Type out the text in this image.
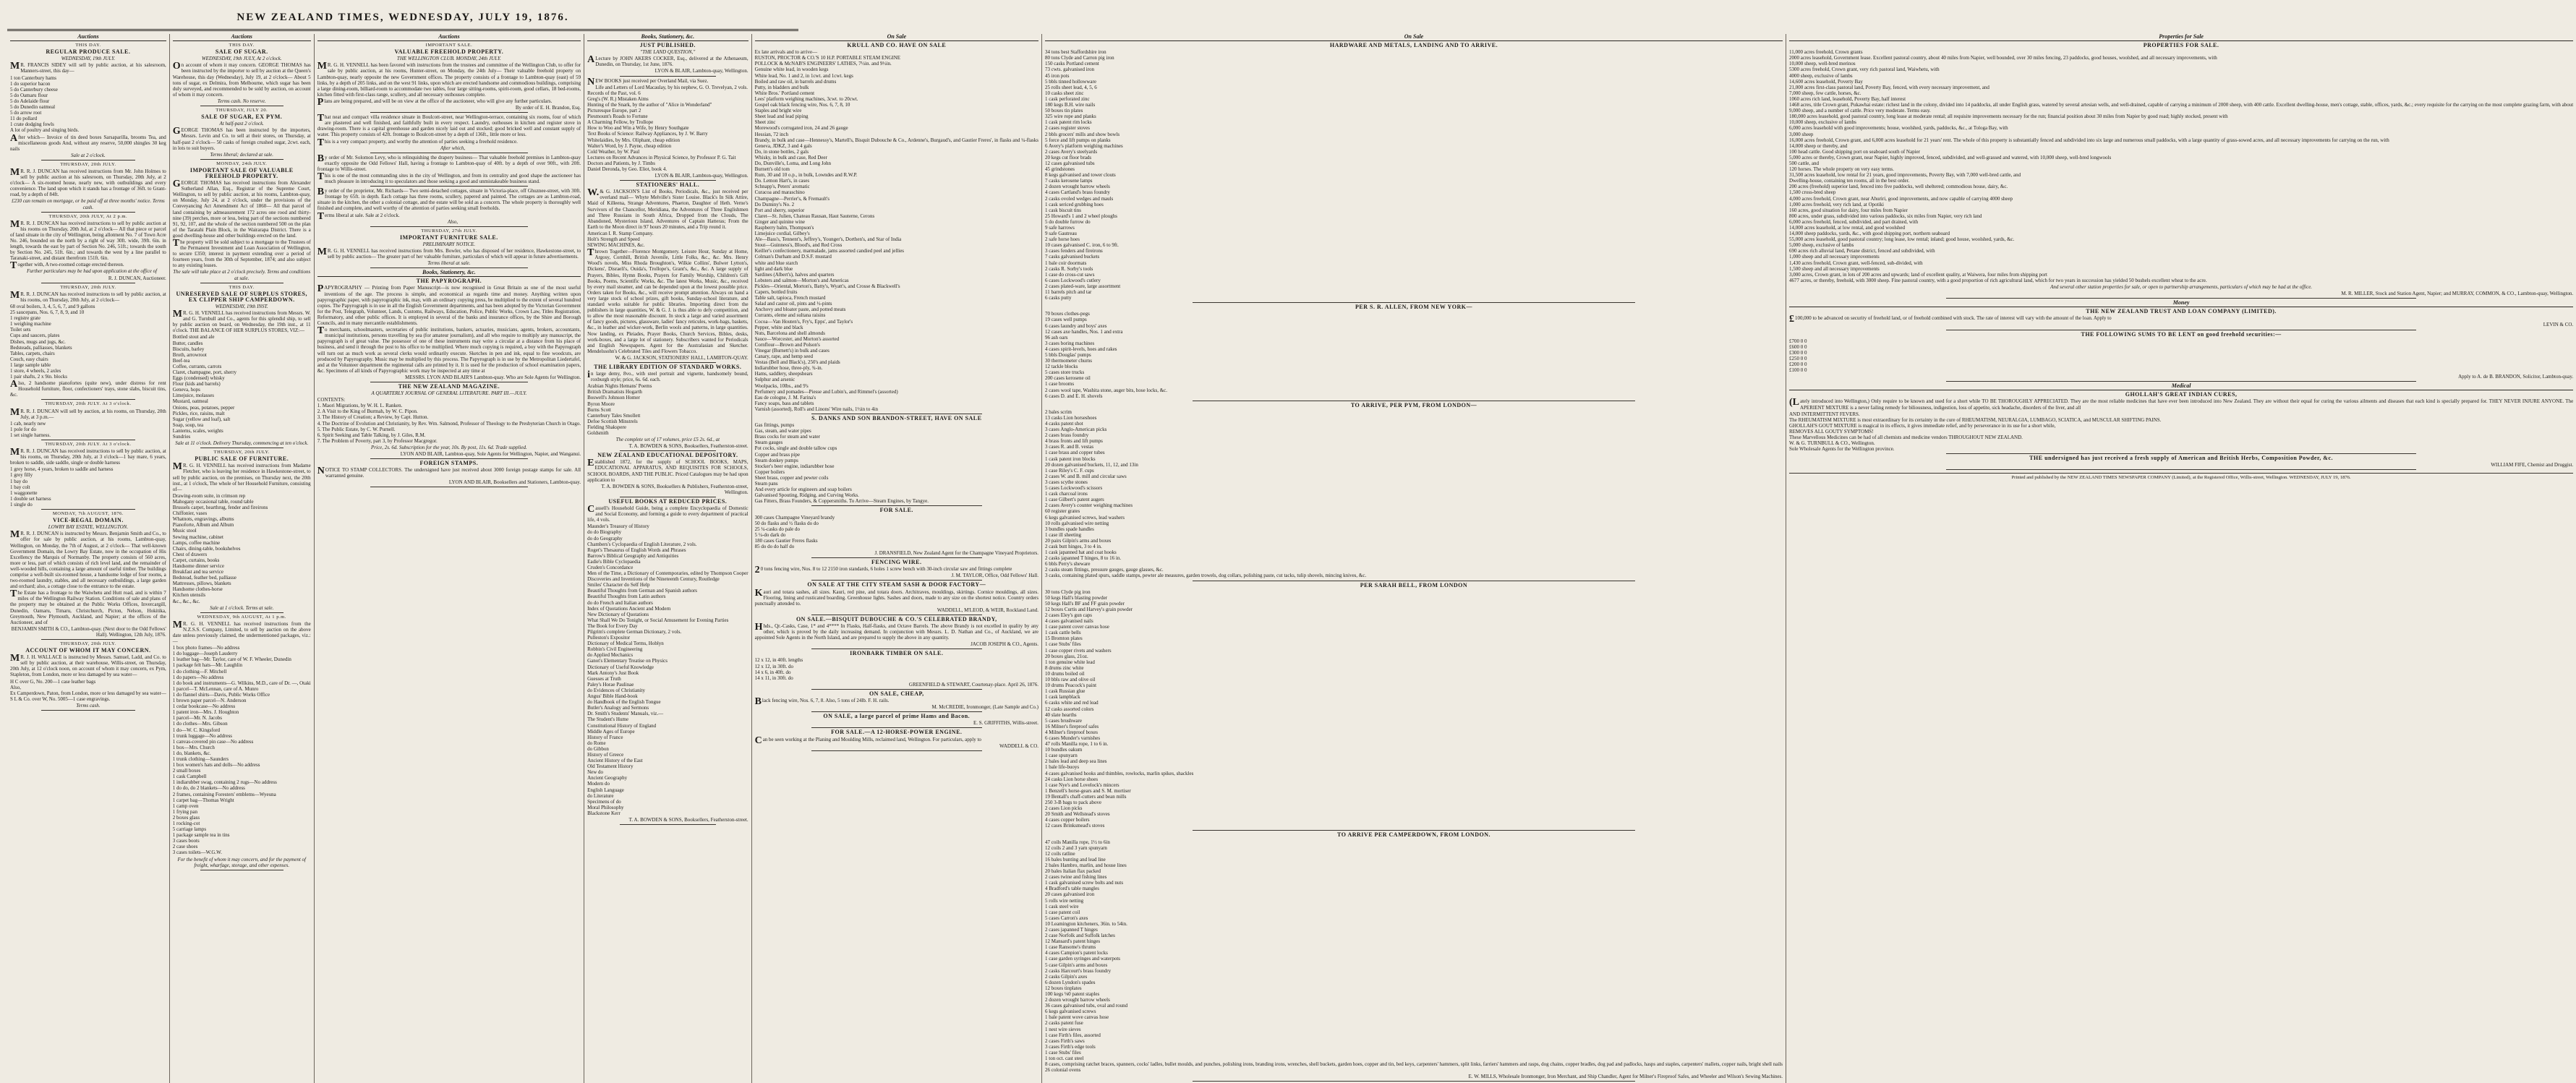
NEW ZEALAND TIMES, WEDNESDAY, JULY 19, 1876.
Auctions
THIS DAY.
REGULAR PRODUCE SALE.
WEDNESDAY, 19th JULY.
MR. FRANCIS SIDEY will sell by public auction, at his salesroom, Manners-street, this day—
1 ton Canterbury hams
1 do superior bacon
5 do Canterbury cheese
5 do Oamaru flour
5 do Adelaide flour
5 do Dunedin oatmeal
5 do arrow root
11 do pollard
1 crate dodging fowls
A lot of poultry and singing birds.
After which— Invoice of tin deed boxes Sarsaparilla, brooms Tea, and miscellaneous goods And, without any reserve, 50,000 shingles 30 keg nails
Sale at 2 o'clock.
THURSDAY, 20th JULY.
MR. R. J. DUNCAN has received instructions from Mr. John Holmes to sell by public auction at his salesroom, on Thursday, 20th July, at 2 o'clock— A six-roomed house, nearly new, with outbuildings and every convenience. The land upon which it stands has a frontage of 36ft. to Grant-road, by a depth of 84ft.
£230 can remain on mortgage, or be paid off at three months' notice. Terms cash.
THURSDAY, 20th JULY, At 2 p.m.
MR. R. J. DUNCAN has received instructions to sell by public auction at his rooms on Thursday, 20th Jul, at 2 o'clock— All that piece or parcel of land situate in the city of Wellington, being allotment No. 7 of Town Acre No. 246, bounded on the north by a right of way 30ft. wide, 39ft. 6in. in length, towards the east by part of Section No. 246, 51ft.; towards the south by Section No. 245, 51ft. 6in.; and towards the west by a line parallel to Taranaki-street, and distant therefrom 151ft. 6in.
Together with, A two-roomed cottage erected thereon.
Further particulars may be had upon application at the office of
R. J. DUNCAN, Auctioneer.
THURSDAY, 20th JULY.
MR. R. J. DUNCAN has received instructions to sell by public auction, at his rooms, on Thursday, 20th July, at 2 o'clock—
68 oval boilers, 3, 4, 5, 6, 7, and 9 gallons
25 saucepans, Nos. 6, 7, 8, 9, and 10
1 registre grate
1 weighing machine
Toilet sets
Cups and saucers, plates
Dishes, mugs and jugs, &c.
Bedsteads, palliasses, blankets
Tables, carpets, chairs
Couch, easy chairs
1 large sample table
1 store, 4 wheels, 2 axles
1 pair shafts, 2 x 9in. blocks
Also, 2 handsome pianofortes (quite new), under distress for rent Household furniture, floor, confectioners' trays, stone slabs, biscuit tins, &c.
THURSDAY, 20th JULY. At 3 o'clock.
MR. R. J. DUNCAN will sell by auction, at his rooms, on Thursday, 20th July, at 3 p.m.—
1 cab, nearly new
1 pole for do
1 set single harness.
THURSDAY, 20th JULY. At 3 o'clock.
MR. R. J. DUNCAN has received instructions to sell by public auction, at his rooms, on Thursday, 20th July, at 3 o'clock—1 bay mare, 6 years, broken to saddle, side saddle, single or double harness
1 grey horse, 4 years, broken to saddle and harness
1 grey filly
1 bay do
1 bay colt
1 waggonette
1 double set harness
1 single do
MONDAY, 7th AUGUST, 1876.
VICE-REGAL DOMAIN.
LOWRY BAY ESTATE, WELLINGTON.
MR. R. J. DUNCAN is instructed by Messrs. Benjamin Smith and Co., to offer for sale by public auction, at his rooms, Lambton-quay, Wellington, on Monday, the 7th of August, at 2 o'clock— That well-known Government Domain, the Lowry Bay Estate, now in the occupation of His Excellency the Marquis of Normanby. The property consists of 560 acres, more or less, part of which consists of rich level land, and the remainder of well-wooded hills, containing a large amount of useful timber. The buildings comprise a well-built six-roomed house, a handsome lodge of four rooms, a two-roomed laundry, stables, and all necessary outbuildings, a large garden and orchard; also, a cottage close to the entrance to the estate.
The Estate has a frontage to the Waiwhetu and Hutt road, and is within 7 miles of the Wellington Railway Station. Conditions of sale and plans of the property may be obtained at the Public Works Offices, Invercargill, Dunedin, Oamaru, Timaru, Christchurch, Picton, Nelson, Hokitika, Greymouth, New Plymouth, Auckland, and Napier; at the offices of the Auctioneer, and of
BENJAMIN SMITH & CO., Lambton-quay. (Next door to the Odd Fellows' Hall). Wellington, 12th July, 1876.
THURSDAY, 20th JULY.
ACCOUNT OF WHOM IT MAY CONCERN.
MR. J. H. WALLACE is instructed by Messrs. Samuel, Ladd, and Co. to sell by public auction, at their warehouse, Willis-street, on Thursday, 20th July, at 12 o'clock noon, on account of whom it may concern, ex Pym, Stapleton, from London, more or less damaged by sea water—
H C over G, No. 200—1 case leather bags
Also,
Ex Camperdown, Paton, from London, more or less damaged by sea water—
S L & Co. over W, No. 5005—1 case engravings.
Terms cash.
Auctions
THIS DAY.
SALE OF SUGAR.
WEDNESDAY, 19th JULY, At 2 o'clock.
On account of whom it may concern. GEORGE THOMAS has been instructed by the importer to sell by auction at the Queen's Warehouse, this day (Wednesday), July 19, at 2 o'clock— About 5 tons of sugar, ex Delmira, from Melbourne, which sugar has been duly surveyed, and recommended to be sold by auction, on account of whom it may concern.
Terms cash. No reserve.
THURSDAY, JULY 20.
SALE OF SUGAR, EX PYM.
At half-past 2 o'clock.
GEORGE THOMAS has been instructed by the importers, Messrs. Levin and Co. to sell at their stores, on Thursday, at half-past 2 o'clock— 50 casks of foreign crushed sugar, 2cwt. each, in lots to suit buyers.
Terms liberal; declared at sale.
MONDAY, 24th JULY.
IMPORTANT SALE OF VALUABLE FREEHOLD PROPERTY.
GEORGE THOMAS has received instructions from Alexander Sutherland Allan, Esq., Registrar of the Supreme Court, Wellington, to sell by public auction, at his rooms, Lambton-quay, on Monday, July 24, at 2 o'clock, under the provisions of the Conveyancing Act Amendment Act of 1860— All that parcel of land containing by admeasurement 172 acres one rood and thirty-nine (39) perches, more or less, being part of the sections numbered 91, 92, 107, and the whole of the section numbered 500 on the plan of the Taratahi Plain Block, in the Wairarapa District. There is a good dwelling-house and other buildings erected on the land.
The property will be sold subject to a mortgage to the Trustees of the Permanent Investment and Loan Association of Wellington, to secure £350; interest in payment extending over a period of fourteen years, from the 30th of September, 1874; and also subject to any existing leases.
The sale will take place at 2 o'clock precisely. Terms and conditions at sale.
THIS DAY.
UNRESERVED SALE OF SURPLUS STORES, EX CLIPPER SHIP CAMPERDOWN.
WEDNESDAY, 19th INST.
MR. G. H. VENNELL has received instructions from Messrs. W. and G. Turnbull and Co., agents for this splendid ship, to sell by public auction on board, on Wednesday, the 19th inst., at 11 o'clock. THE BALANCE OF HER SURPLUS STORES, VIZ:—
Bottled stout and ale
Butter, candles
Biscuits, barley
Broth, arrowroot
Beef-tea
Coffee, currants, carrots
Claret, champagne, port, sherry
Eggs (condensed) whisky
Flour (kids and barrels)
Geneva, hops
Limejuice, molasses
Mustard, oatmeal
Onions, peas, potatoes, pepper
Pickles, rice, raisins, malt
Sugar (yellow and loaf), salt
Soap, soup, tea
Lanterns, scales, weights
Sundries
Sale at 11 o'clock. Delivery Thursday, commencing at ten o'clock.
THURSDAY, 20th JULY.
PUBLIC SALE OF FURNITURE.
MR. G. H. VENNELL has received instructions from Madame Fletcher, who is leaving her residence in Hawkestone-street, to sell by public auction, on the premises, on Thursday next, the 20th inst., at 1 o'clock, The whole of her Household Furniture, consisting of—
Drawing-room suite, in crimson rep
Mahogany occasional table, round table
Brussels carpet, hearthrug, fender and fireirons
Chiffonier, vases
Whatnots, engravings, albums
Pianoforte, Album and Album
Music stool
Sewing machine, cabinet
Lamps, coffee machine
Chairs, dining-table, bookshelves
Chest of drawers
Carpet, curtains, books
Handsome dinner service
Breakfast and tea service
Bedstead, feather bed, palliasse
Mattresses, pillows, blankets
Handsome clothes-horse
Kitchen utensils
&c., &c., &c.
Sale at 1 o'clock. Terms at sale.
WEDNESDAY, 9th AUGUST, At 1 p.m.
MR. G. H. VENNELL has received instructions from the N.Z.S.S. Company, Limited, to sell by auction on the above date unless previously claimed, the undermentioned packages, viz.:—
1 box photo frames—No address
1 do luggage—Joseph Lauderry
1 leather bag—Mr. Taylor, care of W. F. Wheeler, Dunedin
1 package felt hats—Mr. Laughlin
1 do clothing—F. Mitchell
1 do papers—No address
1 do book and instruments—G. Wilkins, M.D., care of Dr. —, Otaki
1 parcel—T. McLennan, care of A. Munro
1 do flannel shirts—Davis, Public Works Office
1 brown paper parcel—N. Anderson
1 cedar bookcase—No address
1 patent iron—Mrs. J. Houghton
1 parcel—Mr. N. Jacobs
1 do clothes—Mrs. Gibson
1 do—W. C. Kingsford
1 trunk luggage—No address
1 canvas-covered pin case—No address
1 box—Mrs. Church
1 do, blankets, &c.
1 trunk clothing—Saunders
1 box women's hats and dolls—No address
2 small boxes
1 cask Campbell
1 indiarubber swag, containing 2 rugs—No address
1 do do, do 2 blankets—No address
2 frames, containing Foresters' emblems—Wyeuna
1 carpet bag—Thomas Wright
1 camp oven
1 frying pan
2 boxes glass
1 rocking-cot
5 carriage lamps
1 package sample tea in tins
3 cases boots
2 case shoes
3 cases toilets—W.G.W.
For the benefit of whom it may concern, and for the payment of freight, wharfage, storage, and other expenses.
Auctions
IMPORTANT SALE.
VALUABLE FREEHOLD PROPERTY.
THE WELLINGTON CLUB. MONDAY, 24th JULY.
MR. G. H. VENNELL has been favored with instructions from the trustees and committee of the Wellington Club, to offer for sale by public auction, at his rooms, Hunter-street, on Monday, the 24th July— Their valuable freehold property on Lambton-quay, nearly opposite the new Government offices. The property consists of a frontage to Lambton-quay (east) of 59 links, by a depth of 205 links, and on the west 91 links, upon which are erected handsome and commodious buildings, comprising a large dining-room, billiard-room to accommodate two tables, four large sitting-rooms, spirit-room, good cellars, 18 bed-rooms, kitchen fitted with first-class range, scullery, and all necessary outhouses complete.
Plans are being prepared, and will be on view at the office of the auctioneer, who will give any further particulars.
By order of E. H. Brandon, Esq.
That neat and compact villa residence situate in Boulcott-street, near Wellington-terrace, containing six rooms, four of which are plastered and well finished, and faithfully built in every respect. Laundry, outhouses in kitchen and register stove in drawing-room. There is a capital greenhouse and garden nicely laid out and stocked; good bricked well and constant supply of water. This property consists of 42ft. frontage to Boulcott-street by a depth of 136ft., little more or less.
This is a very compact property, and worthy the attention of parties seeking a freehold residence.
After which,
By order of Mr. Solomon Levy, who is relinquishing the drapery business— That valuable freehold premises in Lambton-quay exactly opposite the Odd Fellows' Hall, having a frontage to Lambton-quay of 40ft. by a depth of over 90ft., with 20ft. frontage to Willis-street.
This is one of the most commanding sites in the city of Wellington, and from its centrality and good shape the auctioneer has much pleasure in introducing it to speculators and those seeking a good and unmistakeable business stand.
By order of the proprietor, Mr. Richards— Two semi-detached cottages, situate in Victoria-place, off Ghuznee-street, with 30ft. frontage by 65ft. in depth. Each cottage has three rooms, scullery, papered and painted. The cottages are as Lambton-road, situate in the kitchen, the other a colonial cottage, and the estate will be sold as a concern. The whole property is thoroughly well finished and complete, and well worthy of the attention of parties seeking small freeholds.
Terms liberal at sale. Sale at 2 o'clock.
Also,
THURSDAY, 27th JULY.
IMPORTANT FURNITURE SALE.
PRELIMINARY NOTICE.
MR. G. H. VENNELL has received instructions from Mrs. Bowler, who has disposed of her residence, Hawkestone-street, to sell by public auction— The greater part of her valuable furniture, particulars of which will appear in future advertisements.
Terms liberal at sale.
Books, Stationery, &c.
THE PAPYROGRAPH.
PAPYROGRAPHY — Printing from Paper Manuscript—is now recognised in Great Britain as one of the most useful inventions of the age. The process is simple, and economical as regards time and money. Anything written upon papyrographic paper, with papyrographic ink, may, with an ordinary copying press, be multiplied to the extent of several hundred copies. The Papyrograph is in use in all the English Government departments, and has been adopted by the Victorian Government for the Post, Telegraph, Volunteer, Lands, Customs, Railways, Education, Police, Public Works, Crown Law, Titles Registration, Reformatory, and other public offices. It is employed in several of the banks and insurance offices, by the Shire and Borough Councils, and in many mercantile establishments.
To merchants, schoolmasters, secretaries of public institutions, bankers, actuaries, musicians, agents, brokers, accountants, municipal institutions, persons travelling by sea (for amateur journalism), and all who require to multiply any manuscript, the papyrograph is of great value. The possessor of one of these instruments may write a circular at a distance from his place of business, and send it through the post to his office to be multiplied. Where much copying is required, a boy with the Papyrograph will turn out as much work as several clerks would ordinarily execute. Sketches in pen and ink, equal to fine woodcuts, are produced by Papyrography. Music may be multiplied by this process. The Papyrograph is in use by the Metropolitan Liedertafel, and at the Volunteer department the regimental calls are printed by it. It is used for the production of school examination papers, &c. Specimens of all kinds of Papyrographic work may be inspected at any time at
MESSRS. LYON AND BLAIR'S Lambton-quay. Who are Sole Agents for Wellington.
THE NEW ZEALAND MAGAZINE.
A QUARTERLY JOURNAL OF GENERAL LITERATURE. PART III.—JULY.
CONTENTS:
1. Maori Migrations, by W. H. L. Ranken.
2. A Visit to the King of Burmah, by W. C. Pipon.
3. The History of Creation; a Review, by Capt. Hutton.
4. The Doctrine of Evolution and Christianity, by Rev. Wm. Salmond, Professor of Theology to the Presbyterian Church in Otago.
5. The Public Estate, by C. W. Purnell.
6. Spirit Seeking and Table Talking, by J. Giles, R.M.
7. The Problem of Poverty, part 3, by Professor Macgregor.
Price, 2s. 6d. Subscription for the year, 10s. By post, 11s. 6d. Trade supplied.
LYON AND BLAIR, Lambton-quay, Sole Agents for Wellington, Napier, and Wanganui.
FOREIGN STAMPS.
NOTICE TO STAMP COLLECTORS. The undersigned have just received about 3000 foreign postage stamps for sale. All warranted genuine.
LYON AND BLAIR, Booksellers and Stationers, Lambton-quay.
Books, Stationery, &c.
JUST PUBLISHED.
"THE LAND QUESTION,"
ALecture by JOHN AKERS COCKER, Esq., delivered at the Athenaeum, Dunedin, on Thursday, 1st June, 1876.
LYON & BLAIR, Lambton-quay, Wellington.
NEW BOOKS just received per Overland Mail, via Suez.
Life and Letters of Lord Macaulay, by his nephew, G. O. Trevelyan, 2 vols.
Records of the Past, vol. 6
Greg's (W. R.) Mistaken Aims
Hunting of the Snark, by the author of "Alice in Wonderland"
Picturesque Europe, part 2
Piesmount's Roads to Fortune
A Charming Fellow, by Trollope
How to Woo and Win a Wife, by Henry Southgate
Text Books of Science: Railway Appliances, by J. W. Barry
Whitelaidies, by Mrs. Oliphant, cheap edition
Walter's Word, by J. Payne, cheap edition
Cold Weather, by W. Paul
Lectures on Recent Advances in Physical Science, by Professor P. G. Tait
Doctors and Patients, by J. Timbs
Daniel Deronda, by Geo. Eliot, book 4.
LYON & BLAIR, Lambton-quay, Wellington.
STATIONERS' HALL.
W.& G. JACKSON'S List of Books, Periodicals, &c., just received per overland mail— Whyte Melville's Sister Louise. Black's In Silk Attire, Maid of Killeena, Strange Adventures, Phaeton, Daughter of Heth. Verne's Survivors of the Chancellor, Meridiana, the Adventures of Three Englishmen and Three Russians in South Africa, Dropped from the Clouds, The Abandoned, Mysterious Island, Adventures of Captain Hatteras; From the Earth to the Moon direct in 97 hours 20 minutes, and a Trip round it.
American I. R. Stamp Company.
Holt's Strength and Speed
SEWING MACHINES, &c.
Thrown Together—Florence Montgomery. Leisure Hour, Sunday at Home, Argosy, Cornhill, British Juvenile, Little Folks, &c., &c. Mrs. Henry Wood's novels, Miss Rhoda Broughton's, Wilkie Collins', Bulwer Lytton's, Dickens', Disraeli's, Ouida's, Trollope's, Grant's, &c., &c. A large supply of Prayers, Bibles, Hymn Books, Prayers for Family Worship, Children's Gift Books, Poems, Scientific Works, &c. The latest Works, Music, &c., received by every mail steamer, and can be depended upon at the lowest possible price. Orders taken for Books, &c., will receive prompt attention. Always on hand a very large stock of school prizes, gift books, Sunday-school literature, and standard works suitable for public libraries. Importing direct from the publishers in large quantities, W. & G. J. is thus able to defy competition, and to allow the most reasonable discount. In stock a large and varied assortment of fancy goods, pictures, glassware, ladies' fancy reticules, work-bags, baskets, &c., in leather and wicker-work, Berlin wools and patterns, in large quantities. Now landing, ex Pleiades, Prayer Books, Church Services, Bibles, desks, work-boxes, and a large lot of stationery. Subscribers wanted for Periodicals and English Newspapers. Agent for the Australasian and Sketcher. Mendelssohn's Celebrated Tiles and Flowers Tobacco.
W. & G. JACKSON, STATIONERS' HALL, LAMBTON-QUAY.
THE LIBRARY EDITION OF STANDARD WORKS.
in large demy, 8vo., with steel portrait and vignette, handsomely bound, roxburgh style; price, 6s. 6d. each.
Arabian Nights Hemans' Poems
British Dramatists Hogarth
Boswell's Johnson Homer
Byron Moore
Burns Scott
Canterbury Tales Smollett
Defoe Scottish Minstrels
Fielding Shakspere
Goldsmith
The complete set of 17 volumes, price £5 2s. 6d., at
T. A. BOWDEN & SONS, Booksellers, Featherston-street.
NEW ZEALAND EDUCATIONAL DEPOSITORY.
Established 1872, for the supply of SCHOOL BOOKS, MAPS, EDUCATIONAL APPARATUS, AND REQUISITES FOR SCHOOLS, SCHOOL BOARDS, AND THE PUBLIC. Priced Catalogues may be had upon application to
T. A. BOWDEN & SONS, Booksellers & Publishers, Featherston-street, Wellington.
USEFUL BOOKS AT REDUCED PRICES.
Cassell's Household Guide, being a complete Encyclopaedia of Domestic and Social Economy, and forming a guide to every department of practical life, 4 vols.
Maunder's Treasury of History
do do Biography
do do Geography
Chambers's Cyclopaedia of English Literature, 2 vols.
Roget's Thesaurus of English Words and Phrases
Barrow's Biblical Geography and Antiquities
Eadie's Bible Cyclopaedia
Cruden's Concordance
Men of the Time, a Dictionary of Contemporaries, edited by Thompson Cooper
Discoveries and Inventions of the Nineteenth Century, Routledge
Smiles' Character do Self Help
Beautiful Thoughts from German and Spanish authors
Beautiful Thoughts from Latin authors
do do French and Italian authors
Index of Quotations Ancient and Modern
New Dictionary of Quotations
What Shall We Do Tonight, or Social Amusement for Evening Parties
The Book for Every Day
Pilgrim's complete German Dictionary, 2 vols.
Pulleston's Expositor
Dictionary of Medical Terms, Hoblyn
Robbin's Civil Engineering
do Applied Mechanics
Ganot's Elementary Treatise on Physics
Dictionary of Useful Knowledge
Mark Antony's Just Book
Guesses at Truth
Paley's Horae Paulinae
do Evidences of Christianity
Angus' Bible Hand-book
do Handbook of the English Tongue
Butler's Analogy and Sermons
Dr. Smith's Students' Manuals, viz.—
The Student's Hume
Constitutional History of England
Middle Ages of Europe
History of France
do Rome
do Gibbon
History of Greece
Ancient History of the East
Old Testament History
New do
Ancient Geography
Modern do
English Language
do Literature
Specimens of do
Moral Philosophy
Blackstone Kerr
T. A. BOWDEN & SONS, Booksellers, Featherston-street.
On Sale
KRULL AND CO. HAVE ON SALE
Ex late arrivals and to arrive—
RUSTON, PROCTOR & CO.'S 10 H.P. PORTABLE STEAM ENGINE
POLLOCK & McNAB'S ENGINEERS' LATHES, 7½in. and 9½in.
Genuine white lead, in wooden kegs
White lead, No. 1 and 2, in 1cwt. and 1cwt. kegs
Boiled and raw oil, in barrels and drums
Putty, in bladders and bulk
White Bros.' Portland cement
Lees' platform weighing machines, 3cwt. to 20cwt.
Gospel oak black fencing wire, Nos. 6, 7, 8, 10
Staples and bright wire
Sheet lead and lead piping
Sheet zinc
Morewood's corrugated iron, 24 and 26 gauge
Hessian, 72 inch
Brandy, in bulk and case—Hennessy's, Martell's, Bisquit Dubouche & Co., Ardenne's, Burgaud's, and Gautier Freres', in flasks and ¼-flasks
Geneva, JDKZ, 3 and 4 gals
Do, in stone bottles, 2 gals
Whisky, in bulk and case, Red Deer
Do, Dunville's, Loma, and Long John
Burnett's old tom
Rum, 30 and 10 o.p., in bulk, Lowndes and R.W.P.
Do. Lemon Hart's, in cases
Schnapp's, Peters' aromatic
Curacoa and maraschino
Champagne—Perrier's, & Fremault's
Do Duminy's No. 2
Port and sherry, superior
Claret—St. Julien, Chateau Rausan, Haut Sauterne, Cerons
Ginger and quinine wine
Raspberry balm, Thompson's
Limejuice cordial, Gilbey's
Ale—Bass's, Tennent's, Jeffrey's, Younger's, Dorthen's, and Star of India
Stout—Guinness's, Blood's, and Red Cross
Keiller's confectionery, marmalade, jams assorted candied peel and jellies
Colman's Durham and D.S.F. mustard
white and blue starch
light and dark blue
Sardines (Albert's), halves and quarters
Lobsters and salmon—Morton's and Americas
Pickles—Oriental, Morton's, Batty's, Wyatt's, and Crosse & Blackwell's
Capers, bottled fruits
Table salt, tapioca, French mustard
Salad and castor oil, pints and ½-pints
Anchovy and bloater paste, and potted meats
Currants, eleme and sultana raisins
Cocoa—Van Houten's, Fry's, Epps', and Taylor's
Pepper, white and black
Nuts, Barcelona and shell almonds
Sauce—Worcester, and Morton's assorted
Cornflour—Brown and Polson's
Vinegar (Burnett's) in bulk and cases
Canary, rape, and hemp seed
Vestas (Bell and Black's), 250's and plaids
Indiarubber hose, three-ply, ¾-in.
Hams, saddlery, sheepshears
Sulphur and arsenic
Woolpacks, 10lbs., and 9's
Perfumery and pomades—Piesse and Lubin's, and Rimmel's (assorted)
Eau de cologne, J. M. Farina's
Fancy soaps, bass and tablets
Varnish (assorted), Roll's and Linons' Wire nails, 1½in to 4in
S. DANKS AND SON BRANDON-STREET, HAVE ON SALE
Gas fittings, pumps
Gas, steam, and water pipes
Brass cocks for steam and water
Steam gauges
Pot cocks, single and double tallow cups
Copper and brass pipe
Steam donkey pumps
Stocker's beer engine, indiarubber hose
Copper boilers
Sheet brass, copper and pewter coils
Steam pans
And every article for engineers and soap boilers
Galvanised Spouting, Ridging, and Curving Works.
Gas Fitters, Brass Founders, & Coppersmiths. To Arrive—Steam Engines, by Tangye.
FOR SALE.
300 cases Champagne Vineyard brandy
50 do flasks and ½ flasks do do
25 ¼-casks do pale do
5 ¼-do dark do
180 cases Gautier Freres flasks
85 do do do half do
J. DRANSFIELD, New Zealand Agent for the Champagne Vineyard Proprietors.
FENCING WIRE.
20 tons fencing wire, Nos. 8 to 12 2150 iron standards, 6 holes 1 screw bench with 30-inch circular saw and fittings complete
J. M. TAYLOR, Office, Odd Fellows' Hall.
ON SALE AT THE CITY STEAM SASH & DOOR FACTORY—
Kauri and totara sashes, all sizes. Kauri, red pine, and totara doors. Architraves, mouldings, skirtings. Cornice mouldings, all sizes. Flooring, lining and rusticated boarding. Greenhouse lights. Sashes and doors, made to any size on the shortest notice. Country orders punctually attended to.
WADDELL, M'LEOD, & WEIR, Rockland Land.
ON SALE.—BISQUIT DUBOUCHE & CO.'S CELEBRATED BRANDY,
Hhds., Qr.-Casks, Case, 1* and 4**** In Flasks, Half-flasks, and Octave Barrels. The above Brandy is not excelled in quality by any other, which is proved by the daily increasing demand. In conjunction with Messrs. L. D. Nathan and Co., of Auckland, we are appointed Sole Agents in the North Island, and are prepared to supply the above in any quantity.
JACOB JOSEPH & CO., Agents.
IRONBARK TIMBER ON SALE.
12 x 12, in 40ft. lengths
12 x 12, in 30ft. do
14 x 6, in 40ft. do
14 x 11, in 30ft. do
GREENFIELD & STEWART, Courtenay-place. April 26, 1876.
ON SALE, CHEAP,
Black fencing wire, Nos. 6, 7, 8. Also, 5 tons of 24lb. F. H. rails.
M. McCREDIE, Ironmonger, (Late Sample and Co.)
ON SALE, a large parcel of prime Hams and Bacon.
E. S. GRIFFITHS, Willis-street.
FOR SALE.—A 12-HORSE-POWER ENGINE.
Can be seen working at the Planing and Moulding Mills, reclaimed land, Wellington. For particulars, apply to
WADDELL & CO.
On Sale
HARDWARE AND METALS, LANDING AND TO ARRIVE.
34 tons best Staffordshire iron
80 tons Clyde and Carron pig iron
150 casks Portland cement
73 cwts. galvanised iron
45 iron pots
5 bbls tinned hollowware
25 rolls sheet lead, 4, 5, 6
10 casks sheet zinc
1 cask perforated zinc
180 kegs B.H. wire nails
50 boxes tin plates
325 wire rope and planks
1 cask patent rim locks
2 cases register stoves
2 bbls grocers' mills and show bowls
5 force and lift pumps on planks
6 Avery's platform weighing machines
2 cases Avery's steelyards
20 kegs cut floor brads
12 cases galvanised tubs
45 grindstones
8 kegs galvanised and tower clouts
7 casks kerosene lamps
2 dozen wrought barrow wheels
4 cases Cartland's brass foundry
2 casks ovoled wedges and mauls
1 cask sericed grubbing hoes
1 cask biscuit tins
25 Howard's 1 and 2 wheel ploughs
5 do double furrow do
9 safe harrows
9 safe Gautreau
2 safe horse hoes
10 cases galvanised C. iron, 6 to 9ft.
3 cases fenders and fireirons
7 casks galvanised buckets
1 bale coir doormats
2 casks R. Sorby's tools
1 case do cross-cut saws
6 cases Lockwood's cutlery
2 cases plated-ware, large assortment
11 barrels pitch and tar
6 casks putty
PER S. R. ALLEN, FROM NEW YORK—
70 boxes clothes-pegs
19 cases well pumps
6 cases laundry and boys' axes
12 cases axe handles, Nos. 1 and extra
96 ash oars
3 cases boring machines
4 cases spirit-levels, hoes and rakes
5 bbls Douglas' pumps
30 thermometer churns
12 tackle blocks
5 cases store trucks
200 cases kerosene oil
1 case brooms
2 cases wool tape, Washita stone, auger bits, hose locks, &c.
6 cases D. and E. H. shovels
TO ARRIVE, PER PYM, FROM LONDON—
2 bales scrim
13 casks Lion horseshoes
4 casks patent shot
3 cases Anglo-American picks
2 cases brass foundry
4 brass fronts and lift pumps
3 cases R. and B. vestas
1 case brass and copper tubes
1 cask patent iron blocks
20 dozen galvanised buckets, 11, 12, and 13in
1 case Riley's C. F. cups
2 cases W. and B. mill and circular saws
3 cases scythe stones
5 cases Lockwood's scissors
1 cask charcoal irons
1 case Gilbert's patent augers
2 cases Avery's counter weighing machines
60 register grates
6 kegs galvanised screws, lead washers
10 rolls galvanised wire netting
3 bundles spade handles
1 case ill sheeting
20 pairs Gilpin's arms and boxes
2 cask butt hinges, 3 to 4 in.
1 cask japanned hat and coat hooks
2 casks japanned T hinges, 8 to 16 in.
6 bbls Perry's sheware
2 casks steam fittings, pressure gauges, gauge glasses, &c.
3 casks, containing plated spurs, saddle stamps, pewter ale measures, garden trowels, dog collars, polishing paste, cut tacks, tulip shovels, mincing knives, &c.
PER SARAH BELL, FROM LONDON
30 tons Clyde pig iron
50 kegs Hall's blasting powder
50 kegs Hall's BF and FF grain powder
12 boxes Curtis and Harvey's grain powder
2 cases Eley's gun caps
4 cases galvanised nails
1 case patent cover canvas hose
1 cask cattle bells
15 Bromton plates
1 case Stubs' files
1 case copper rivets and washers
20 boxes glass, 21oz.
1 ton genuine white lead
8 drums zinc white
10 drums boiled oil
10 bbls raw and olive oil
10 drums Peacock's paint
1 cask Russian glue
1 cask lampblack
6 casks white and red lead
12 casks assorted colors
40 slate hearths
5 cases brushware
16 Milner's fireproof safes
4 Milner's fireproof boxes
6 cases Munder's varnishes
47 rolls Manilla rope, 1 to 6 in.
10 bundles oakum
1 case spunyarn
2 bales lead and deep sea lines
1 bale life-buoys
4 cases galvanised hooks and thimbles, rowlocks, marlin spikes, shackles
24 casks Lion horse shoes
1 case Nye's and Lovelock's mincers
1 Benzell's horse-gears and S. M. mortiser
19 Bentall's chaff-cutters and bean mills
250 3-B bags to pack above
2 cases Lion picks
20 Smith and Wellstead's stoves
4 cases copper boilers
12 cases Brinksmead's stoves
TO ARRIVE PER CAMPERDOWN, FROM LONDON.
47 coils Manilla rope, 1½ to 6in
12 coils 2 and 3 yarn spunyarn
12 coils ratline
16 bales bunting and lead line
2 bales Hambro, marlin, and house lines
20 bales Italian flax packed
2 cases twine and fishing lines
1 cask galvanised screw bolts and nuts
4 Bradford's table mangles
20 cases galvanised iron
5 rolls wire netting
1 cask steel wire
1 case patent coil
5 cases Carron's axes
10 Leamington kitcheners, 36in. to 54in.
2 cases japanned T hinges
2 case Norfolk and Suffolk latches
12 Mansard's patent hinges
1 case Ransome's thrums
4 cases Campion's patent locks
1 case garden syringes and waterpots
5 case Gilpin's arms and boxes
2 casks Harcourt's brass foundry
2 casks Gilpin's axes
6 dozen Lyndon's spades
12 boxes tinplates
100 kegs ⅛0 patent staples
2 dozen wrought barrow wheels
36 cases galvanised tubs, oval and round
6 kegs galvanised screws
1 bale patent wove canvas hose
2 casks patent fuse
1 nest wire sieves
1 case Firth's files, assorted
2 cases Firth's saws
3 cases Firth's edge tools
1 case Stubs' files
1 ton oct. cast steel
8 cases, comprising ratchet braces, spanners, cocks' ladles, bullet moulds, and punches, polishing irons, branding irons, wrenches, shell buckets, garden hoes, copper and tin, bed keys, carpenters' hammers, split links, farriers' hammers and rasps, dog chains, copper bradles, dog pad and padlocks, hasps and staples, carpenters' mallets, copper nails, bright shell nails
26 colonial ovens
E. W. MILLS, Wholesale Ironmonger, Iron Merchant, and Ship Chandler, Agent for Milner's Fireproof Safes, and Wheeler and Wilson's Sewing Machines.
Properties for Sale
PROPERTIES FOR SALE.
11,000 acres freehold, Crown grants
2000 acres leasehold, Government lease. Excellent pastoral country, about 40 miles from Napier, well bounded, over 30 miles fencing, 23 paddocks, good houses, woolshed, and all necessary improvements, with
10,000 sheep, well-bred merinos
5300 acres freehold, Crown grant, very rich pastoral land, Waiwhetu, with
4000 sheep, exclusive of lambs
14,600 acres leasehold, Poverty Bay
21,000 acres first-class pastoral land, Poverty Bay, fenced, with every necessary improvement, and
7,000 sheep, few cattle, horses, &c.
1060 acres rich land, leasehold, Poverty Bay, half interest
1468 acres, title Crown grant, Pukawhai estate: richest land in the colony, divided into 14 paddocks, all under English grass, watered by several artesian wells, and well-drained, capable of carrying a minimum of 2000 sheep, with 400 cattle. Excellent dwelling-house, men's cottage, stable, offices, yards, &c.; every requisite for the carrying on the most complete grazing farm, with about
9,000 sheep, and a number of cattle. Price very moderate. Terms easy.
180,000 acres leasehold, good pastoral country, long lease at moderate rental; all requisite improvements necessary for the run; financial position about 30 miles from Napier by good road; highly stocked, present with
10,000 sheep, exclusive of lambs
6,000 acres leasehold with good improvements; house, woolshed, yards, paddocks, &c., at Tologa Bay, with
3,000 sheep
16,000 acres freehold, Crown grant, and 6,000 acres leasehold for 21 years' rent. The whole of this property is substantially fenced and subdivided into six large and numerous small paddocks, with a large quantity of grass-sowed acres, and all necessary improvements for carrying on the run, with
14,000 sheep or thereby, and
100 head cattle. Good shipping port on seaboard south of Napier
5,000 acres or thereby, Crown grant, near Napier, highly improved, fenced, subdivided, and well-grassed and watered, with 10,000 sheep, well-bred longwools
500 cattle, and
120 horses. The whole property on very easy terms.
31,500 acres leasehold, low rental for 21 years, good improvements, Poverty Bay, with 7,000 well-bred cattle, and
Dwelling-house, containing ten rooms, all in the best order.
200 acres (freehold) superior land, fenced into five paddocks, well sheltered; commodious house, dairy, &c.
1,500 cross-bred sheep
4,000 acres freehold, Crown grant, near Ahuriri, good improvements, and now capable of carrying 4000 sheep
1,000 acres freehold, very rich land, at Opotiki
160 acres, good situation for dairy, four miles from Napier
800 acres, under grass, subdivided into various paddocks, six miles from Napier, very rich land
6,000 acres freehold, fenced, subdivided, and part drained, with
14,000 acres leasehold, at low rental, and good woolshed
14,000 sheep paddocks, yards, &c., with good shipping port, northern seaboard
55,000 acres leasehold, good pastoral country; long lease, low rental; inland; good house, woolshed, yards, &c.
5,000 sheep, exclusive of lambs
690 acres rich alluvial land, Petane district, fenced and subdivided, with
1,000 sheep and all necessary improvements
1,430 acres freehold, Crown grant, well-fenced, sub-divided, with
1,500 sheep and all necessary improvements
3,000 acres, Crown grant, in lots of 200 acres and upwards; land of excellent quality, at Waiwera, four miles from shipping port
4677 acres, or thereby, freehold, with 3000 sheep. Fine pastoral country, with a good proportion of rich agricultural land, which for two years in succession has yielded 50 bushels excellent wheat to the acre.
And several other station properties for sale, or open to partnership arrangements, particulars of which may be had at the office.
M. R. MILLER, Stock and Station Agent, Napier; and MURRAY, COMMON, & CO., Lambton-quay, Wellington.
Money
THE NEW ZEALAND TRUST AND LOAN COMPANY (LIMITED).
£100,000 to be advanced on security of freehold land, or of freehold combined with stock. The rate of interest will vary with the amount of the loan. Apply to
LEVIN & CO.
THE FOLLOWING SUMS TO BE LENT on good freehold securities:—
£700 0 0
£600 0 0
£300 0 0
£250 0 0
£200 0 0
£100 0 0
Apply to A. de B. BRANDON, Solicitor, Lambton-quay.
Medical
GHOLLAH'S GREAT INDIAN CURES,
(Lately introduced into Wellington,) Only require to be known and used for a short while TO BE THOROUGHLY APPRECIATED. They are the most reliable medicines that have ever been introduced into New Zealand. They are without their equal for curing the various ailments and diseases that each kind is specially prepared for. THEY NEVER INJURE ANYONE. The APERIENT MIXTURE is a never failing remedy for biliousness, indigestion, loss of appetite, sick headache, disorders of the liver, and all
AND INTERMITTENT FEVERS.
The RHEUMATISM MIXTURE is most extraordinary for its certainty in the cure of RHEUMATISM, NEURALGIA, LUMBAGO, SCIATICA, and MUSCULAR SHIFTING PAINS.
GHOLLAH'S GOUT MIXTURE is magical in its effects, it gives immediate relief, and by perseverance in its use for a short while,
REMOVES ALL GOUTY SYMPTOMS!
These Marvellous Medicines can be had of all chemists and medicine vendors THROUGHOUT NEW ZEALAND.
W. & G. TURNBULL & CO., Wellington.
Sole Wholesale Agents for the Wellington province.
THE undersigned has just received a fresh supply of American and British Herbs, Composition Powder, &c.
WILLIAM FIFE, Chemist and Druggist.
Printed and published by the NEW ZEALAND TIMES NEWSPAPER COMPANY (Limited), at the Registered Office, Willis-street, Wellington. WEDNESDAY, JULY 19, 1876.
